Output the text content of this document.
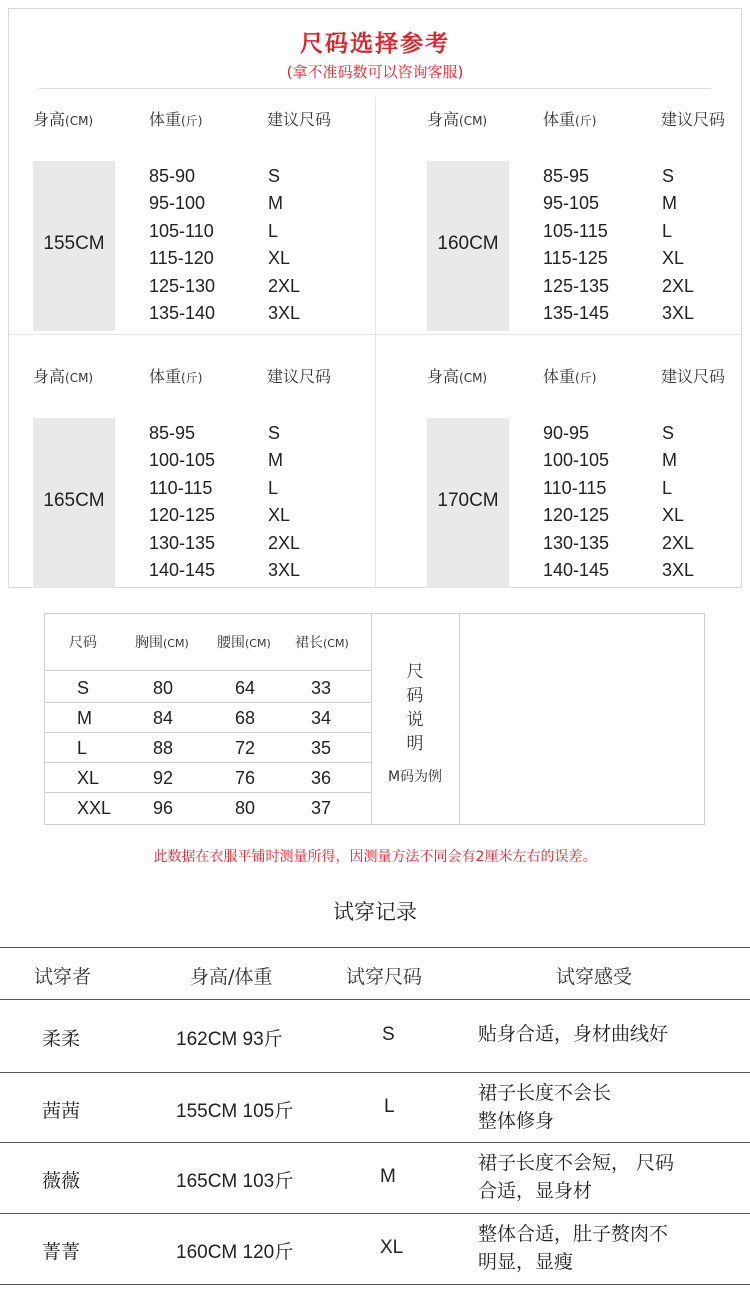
尺码选择参考
(拿不准码数可以咨询客服)
身高(CM)	体重(斤)	建议尺码
155CM
85-90	S
95-100	M
105-110	L
115-120	XL
125-130	2XL
135-140	3XL
身高(CM)	体重(斤)	建议尺码
160CM
85-95	S
95-105	M
105-115	L
115-125	XL
125-135	2XL
135-145	3XL
身高(CM)	体重(斤)	建议尺码
165CM
85-95	S
100-105	M
110-115	L
120-125	XL
130-135	2XL
140-145	3XL
身高(CM)	体重(斤)	建议尺码
170CM
90-95	S
100-105	M
110-115	L
120-125	XL
130-135	2XL
140-145	3XL
尺码	胸围(CM) 腰围(CM) 裙长(CM)
S	80	64	33
M	84	68	34
L	88	72	35
XL	92	76	36
XXL 96	80	37
尺
码
说
明
M码为例
此数据在衣服平铺时测量所得，因测量方法不同会有2厘米左右的误差。
试穿记录
试穿者	身高/体重	试穿尺码	试穿感受
柔柔	162CM 93斤	S	贴身合适，身材曲线好
茜茜	155CM 105斤	L
裙子长度不会长
整体修身
薇薇	165CM 103斤	M
裙子长度不会短， 尺码
合适，显身材
菁菁	160CM 120斤	XL
整体合适，肚子赘肉不
明显，显瘦
